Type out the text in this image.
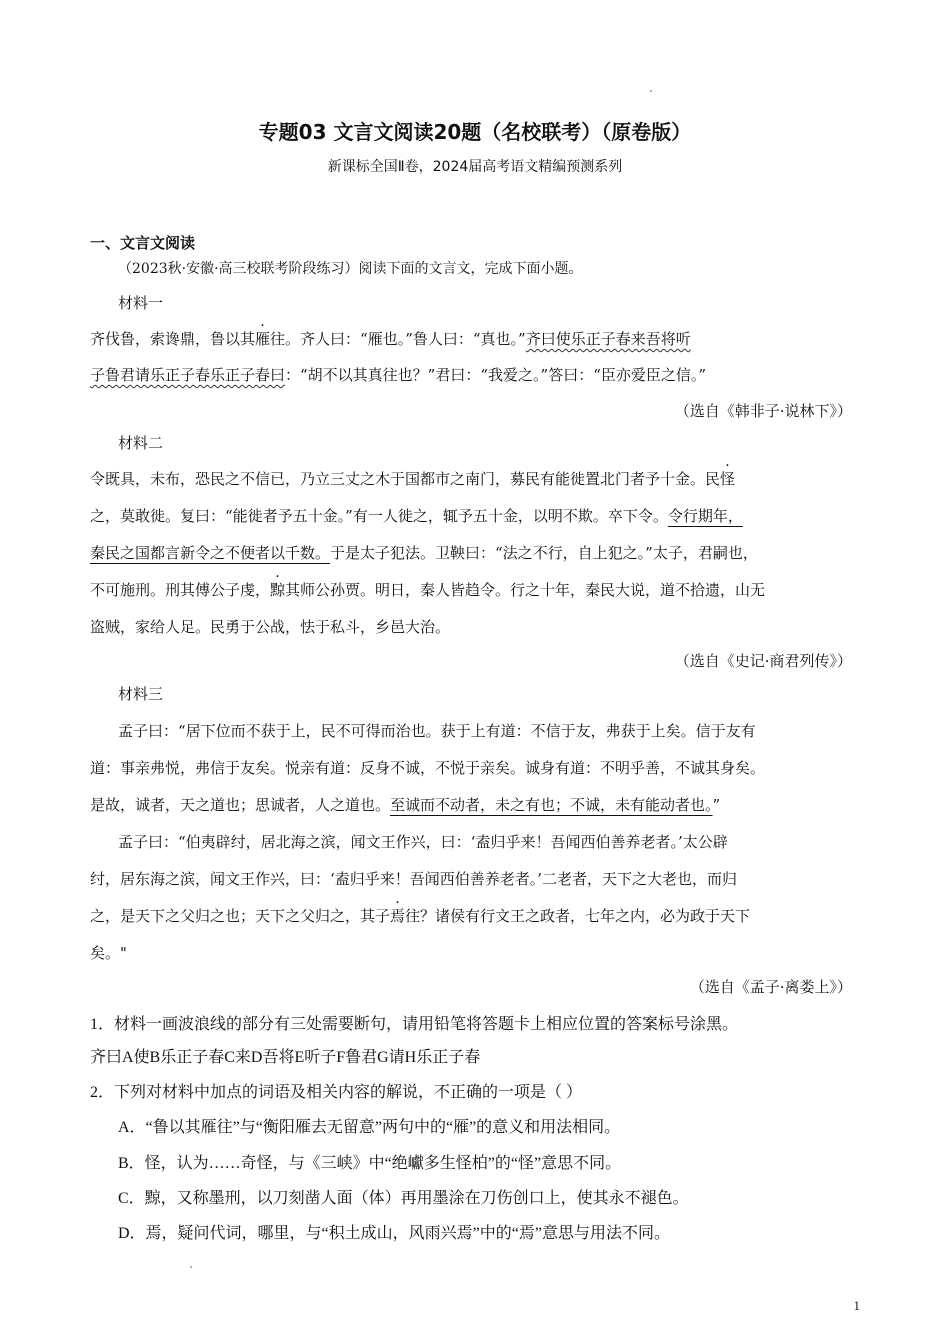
专题03 文言文阅读20题（名校联考）（原卷版）
新课标全国Ⅱ卷，2024届高考语文精编预测系列
一、文言文阅读
（2023秋·安徽·高三校联考阶段练习）阅读下面的文言文，完成下面小题。
材料一
齐伐鲁，索谗鼎，鲁以其雁往。齐人曰：“雁也。”鲁人曰：“真也。”齐曰使乐正子春来吾将听
子鲁君请乐正子春乐正子春曰：“胡不以其真往也？”君曰：“我爱之。”答曰：“臣亦爱臣之信。”
（选自《韩非子·说林下》）
材料二
令既具，未布，恐民之不信已，乃立三丈之木于国都市之南门，募民有能徙置北门者予十金。民怪
之，莫敢徙。复曰：“能徙者予五十金。”有一人徙之，辄予五十金，以明不欺。卒下令。令行期年，
秦民之国都言新令之不便者以千数。于是太子犯法。卫鞅曰：“法之不行，自上犯之。”太子，君嗣也，
不可施刑。刑其傅公子虔，黥其师公孙贾。明日，秦人皆趋令。行之十年，秦民大说，道不拾遗，山无
盗贼，家给人足。民勇于公战，怯于私斗，乡邑大治。
（选自《史记·商君列传》）
材料三
孟子曰：“居下位而不获于上，民不可得而治也。获于上有道：不信于友，弗获于上矣。信于友有
道：事亲弗悦，弗信于友矣。悦亲有道：反身不诚，不悦于亲矣。诚身有道：不明乎善，不诚其身矣。
是故，诚者，天之道也；思诚者，人之道也。至诚而不动者，未之有也；不诚，未有能动者也。”
孟子曰：“伯夷辟纣，居北海之滨，闻文王作兴，曰：‘盍归乎来！吾闻西伯善养老者。’太公辟
纣，居东海之滨，闻文王作兴，曰：‘盍归乎来！吾闻西伯善养老者。’二老者，天下之大老也，而归
之，是天下之父归之也；天下之父归之，其子焉往？诸侯有行文王之政者，七年之内，必为政于天下
矣。"
（选自《孟子·离娄上》）
1．材料一画波浪线的部分有三处需要断句，请用铅笔将答题卡上相应位置的答案标号涂黑。
齐曰A使B乐正子春C来D吾将E听子F鲁君G请H乐正子春
2．下列对材料中加点的词语及相关内容的解说，不正确的一项是（ ）
A．“鲁以其雁往”与“衡阳雁去无留意”两句中的“雁”的意义和用法相同。
B．怪，认为……奇怪，与《三峡》中“绝巘多生怪柏”的“怪”意思不同。
C．黥，又称墨刑，以刀刻凿人面（体）再用墨涂在刀伤创口上，使其永不褪色。
D．焉，疑问代词，哪里，与“积土成山，风雨兴焉”中的“焉”意思与用法不同。
1
